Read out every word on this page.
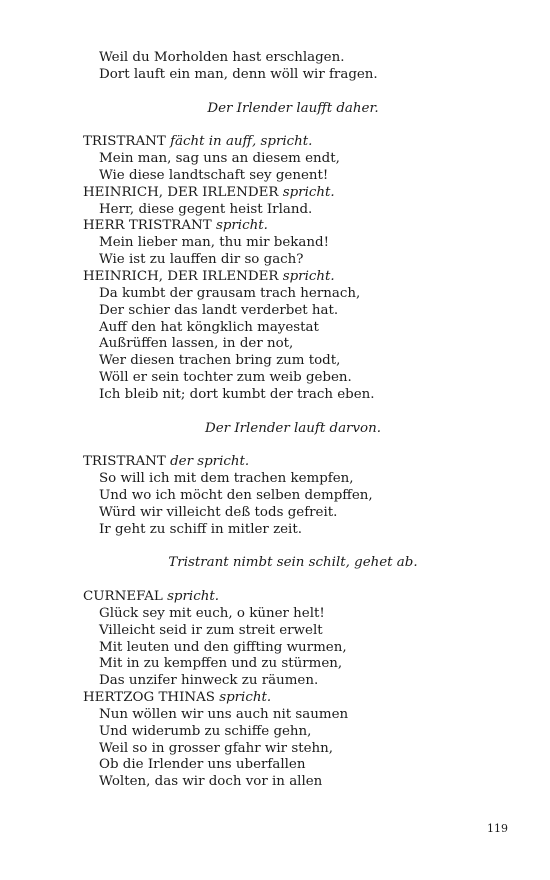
Weil du Morholden hast erschlagen.
Dort lauft ein man, denn wöll wir fragen.
Der Irlender laufft daher.
TRISTRANT fächt in auff, spricht.
Mein man, sag uns an diesem endt,
Wie diese landtschaft sey genent!
HEINRICH, DER IRLENDER spricht.
Herr, diese gegent heist Irland.
HERR TRISTRANT spricht.
Mein lieber man, thu mir bekand!
Wie ist zu lauffen dir so gach?
HEINRICH, DER IRLENDER spricht.
Da kumbt der grausam trach hernach,
Der schier das landt verderbet hat.
Auff den hat köngklich mayestat
Außrüffen lassen, in der not,
Wer diesen trachen bring zum todt,
Wöll er sein tochter zum weib geben.
Ich bleib nit; dort kumbt der trach eben.
Der Irlender lauft darvon.
TRISTRANT der spricht.
So will ich mit dem trachen kempfen,
Und wo ich möcht den selben dempffen,
Würd wir villeicht deß tods gefreit.
Ir geht zu schiff in mitler zeit.
Tristrant nimbt sein schilt, gehet ab.
CURNEFAL spricht.
Glück sey mit euch, o küner helt!
Villeicht seid ir zum streit erwelt
Mit leuten und den giffting wurmen,
Mit in zu kempffen und zu stürmen,
Das unzifer hinweck zu räumen.
HERTZOG THINAS spricht.
Nun wöllen wir uns auch nit saumen
Und widerumb zu schiffe gehn,
Weil so in grosser gfahr wir stehn,
Ob die Irlender uns uberfallen
Wolten, das wir doch vor in allen
119
